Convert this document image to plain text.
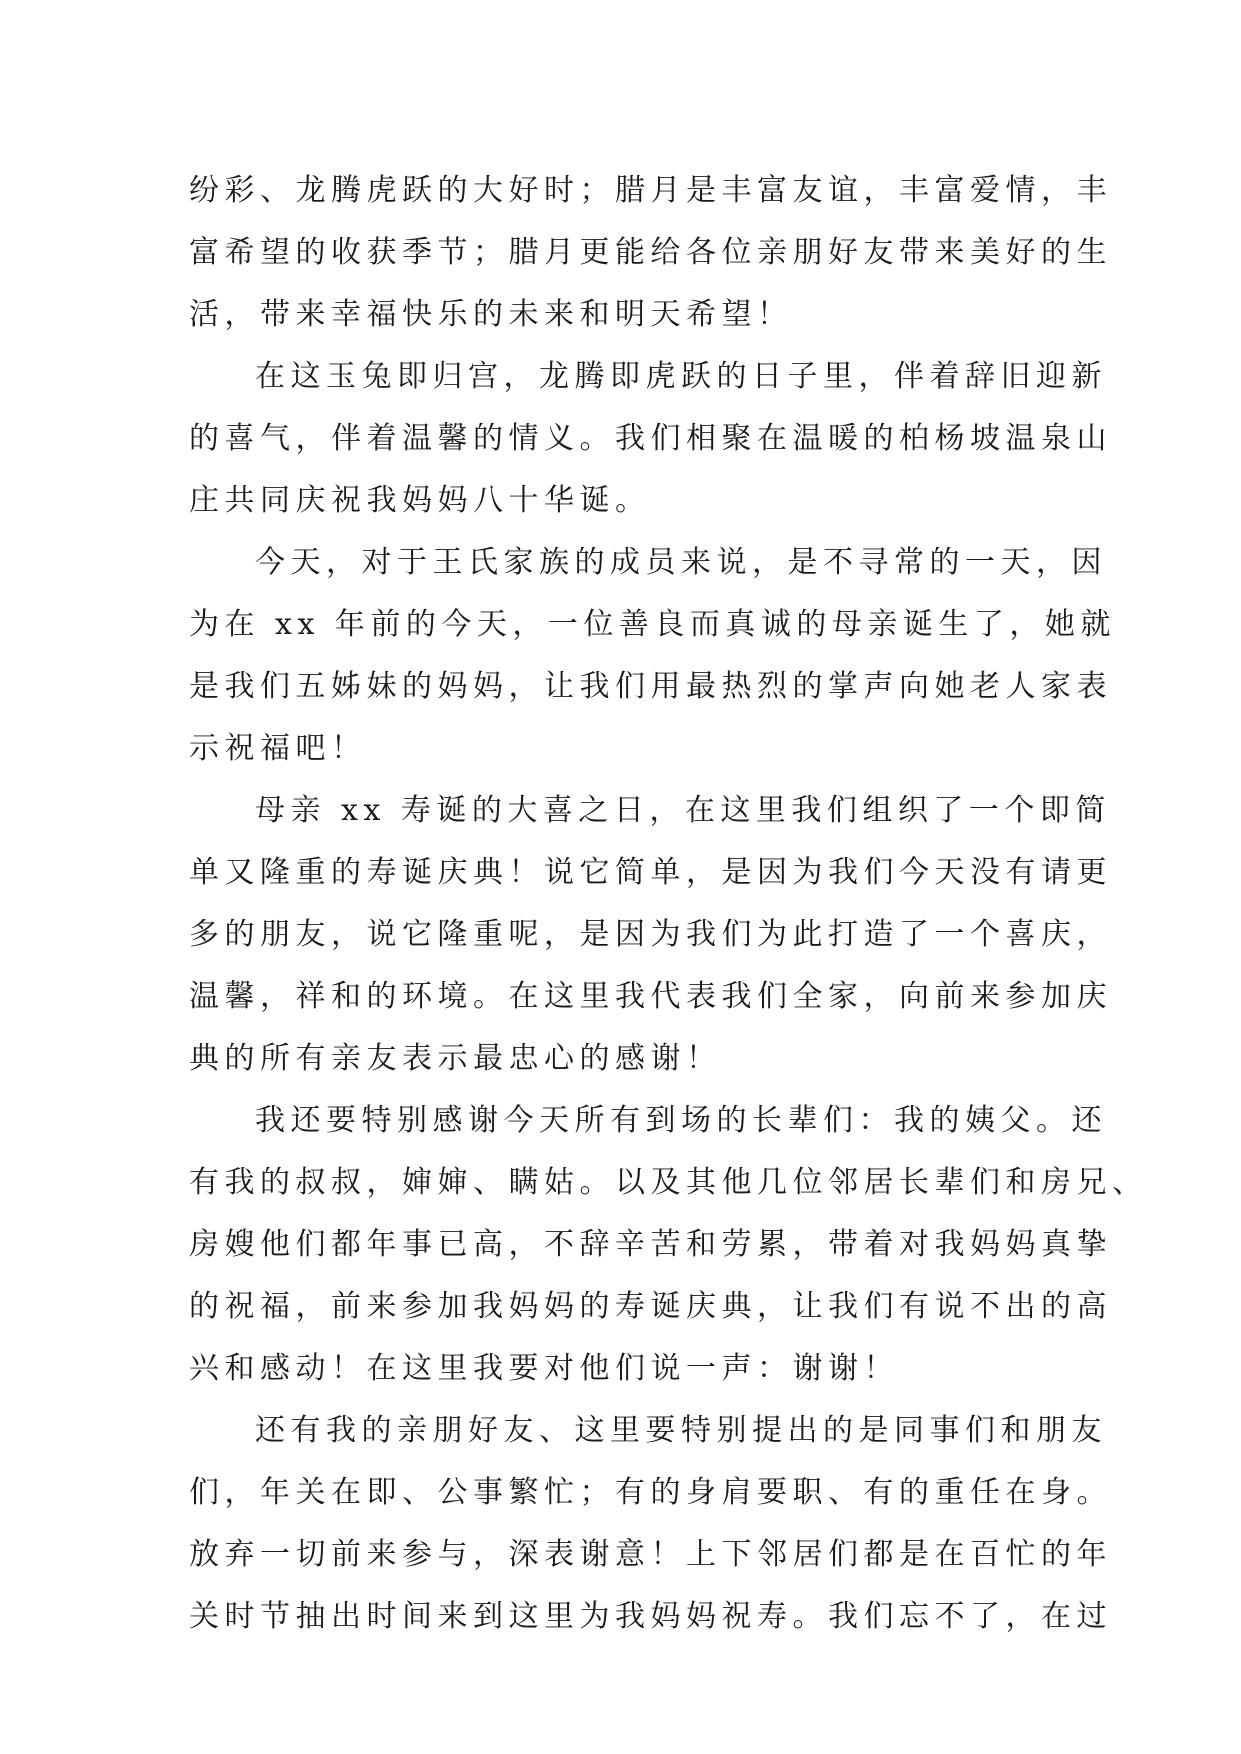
纷彩、龙腾虎跃的大好时；腊月是丰富友谊，丰富爱情，丰
富希望的收获季节；腊月更能给各位亲朋好友带来美好的生
活，带来幸福快乐的未来和明天希望！
在这玉兔即归宫，龙腾即虎跃的日子里，伴着辞旧迎新
的喜气，伴着温馨的情义。我们相聚在温暖的柏杨坡温泉山
庄共同庆祝我妈妈八十华诞。
今天，对于王氏家族的成员来说，是不寻常的一天，因
为在 xx 年前的今天，一位善良而真诚的母亲诞生了，她就
是我们五姊妹的妈妈，让我们用最热烈的掌声向她老人家表
示祝福吧！
母亲 xx 寿诞的大喜之日，在这里我们组织了一个即简
单又隆重的寿诞庆典！说它简单，是因为我们今天没有请更
多的朋友，说它隆重呢，是因为我们为此打造了一个喜庆，
温馨，祥和的环境。在这里我代表我们全家，向前来参加庆
典的所有亲友表示最忠心的感谢！
我还要特别感谢今天所有到场的长辈们：我的姨父。还
有我的叔叔，婶婶、瞒姑。以及其他几位邻居长辈们和房兄、
房嫂他们都年事已高，不辞辛苦和劳累，带着对我妈妈真挚
的祝福，前来参加我妈妈的寿诞庆典，让我们有说不出的高
兴和感动！在这里我要对他们说一声：谢谢！
还有我的亲朋好友、这里要特别提出的是同事们和朋友
们，年关在即、公事繁忙；有的身肩要职、有的重任在身。
放弃一切前来参与，深表谢意！上下邻居们都是在百忙的年
关时节抽出时间来到这里为我妈妈祝寿。我们忘不了，在过
